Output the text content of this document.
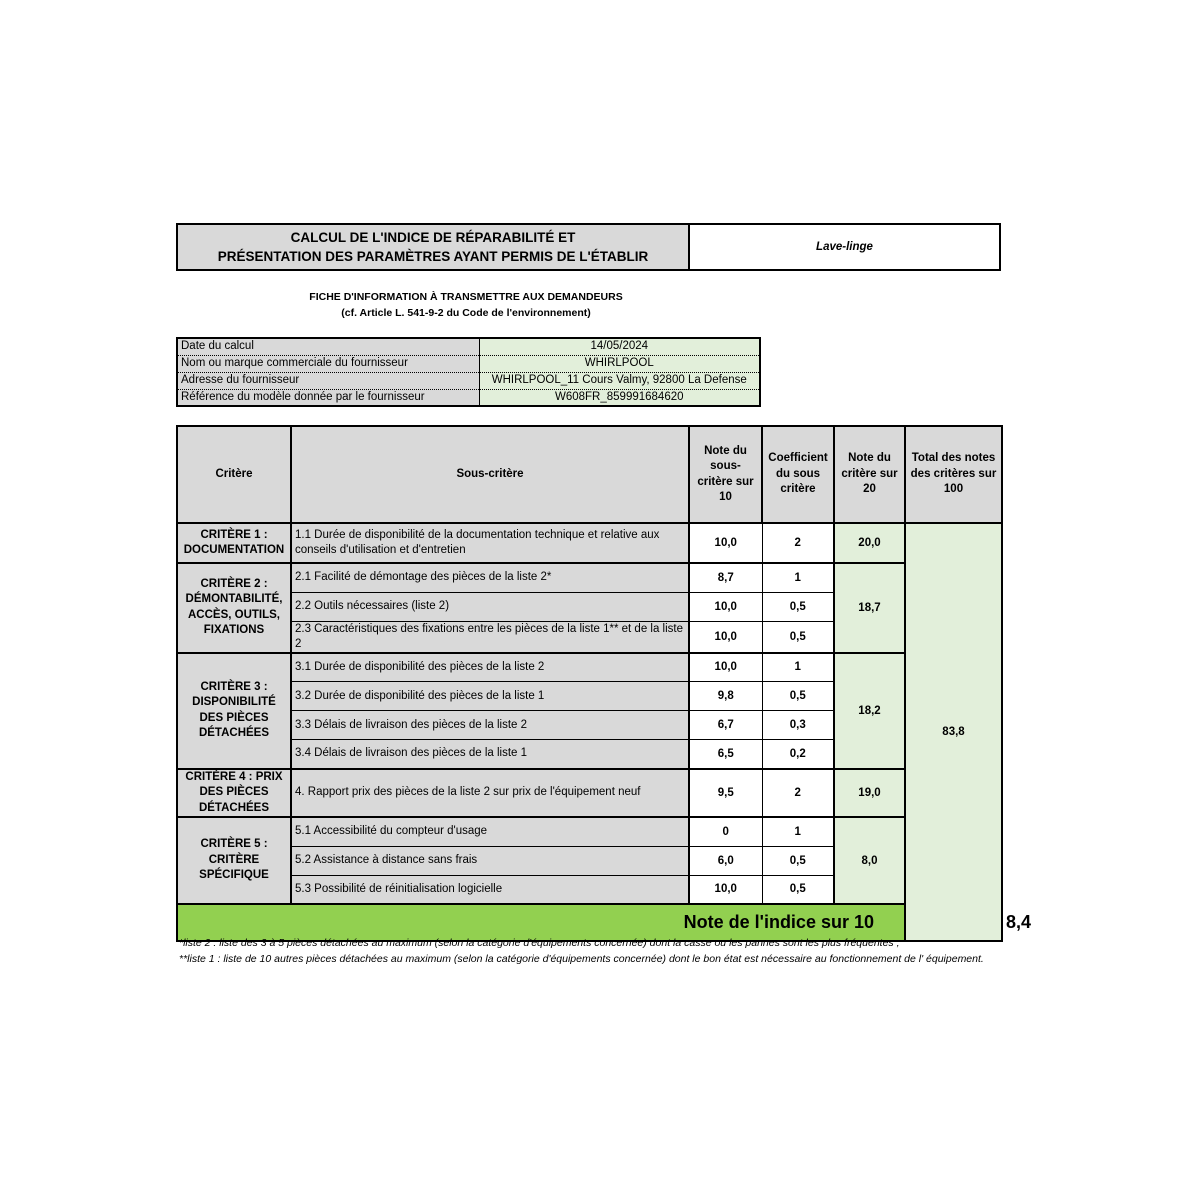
CALCUL DE L'INDICE DE RÉPARABILITÉ ET
PRÉSENTATION DES PARAMÈTRES AYANT PERMIS DE L'ÉTABLIR
Lave-linge
FICHE D'INFORMATION À TRANSMETTRE AUX DEMANDEURS
(cf. Article L. 541-9-2 du Code de l'environnement)
Date du calcul	14/05/2024
Nom ou marque commerciale du fournisseur	WHIRLPOOL
Adresse du fournisseur	WHIRLPOOL_11 Cours Valmy, 92800 La Defense
Référence du modèle donnée par le fournisseur	W608FR_859991684620
Critère	Sous-critère	Note du sous-critère sur 10	Coefficient du sous critère	Note du critère sur 20	Total des notes des critères sur 100	
CRITÈRE 1 : DOCUMENTATION	1.1 Durée de disponibilité de la documentation technique et relative aux conseils d'utilisation et d'entretien	10,0	2	20,0	83,8	
CRITÈRE 2 : DÉMONTABILITÉ, ACCÈS, OUTILS, FIXATIONS	2.1 Facilité de démontage des pièces de la liste 2*	8,7	1	18,7		
	2.2 Outils nécessaires (liste 2)	10,0	0,5			
	2.3 Caractéristiques des fixations entre les pièces de la liste 1** et de la liste 2	10,0	0,5			
CRITÈRE 3 : DISPONIBILITÉ DES PIÈCES DÉTACHÉES	3.1 Durée de disponibilité des pièces de la liste 2	10,0	1	18,2		
	3.2 Durée de disponibilité des pièces de la liste 1	9,8	0,5			
	3.3 Délais de livraison des pièces de la liste 2	6,7	0,3			
	3.4 Délais de livraison des pièces de la liste 1	6,5	0,2			
CRITÈRE 4 : PRIX DES PIÈCES DÉTACHÉES	4. Rapport prix des pièces de la liste 2 sur prix de l'équipement neuf	9,5	2	19,0		
CRITÈRE 5 : CRITÈRE SPÉCIFIQUE	5.1 Accessibilité du compteur d'usage	0	1	8,0		
	5.2 Assistance à distance sans frais	6,0	0,5			
	5.3 Possibilité de réinitialisation logicielle	10,0	0,5			
Note de l'indice sur 10						8,4

*liste 2 : liste des 3 à 5 pièces détachées au maximum (selon la catégorie d'équipements concernée) dont la casse ou les pannes sont les plus fréquentes ;

**liste 1 : liste de 10 autres pièces détachées au maximum (selon la catégorie d'équipements concernée) dont le bon état est nécessaire au fonctionnement de l' équipement.
